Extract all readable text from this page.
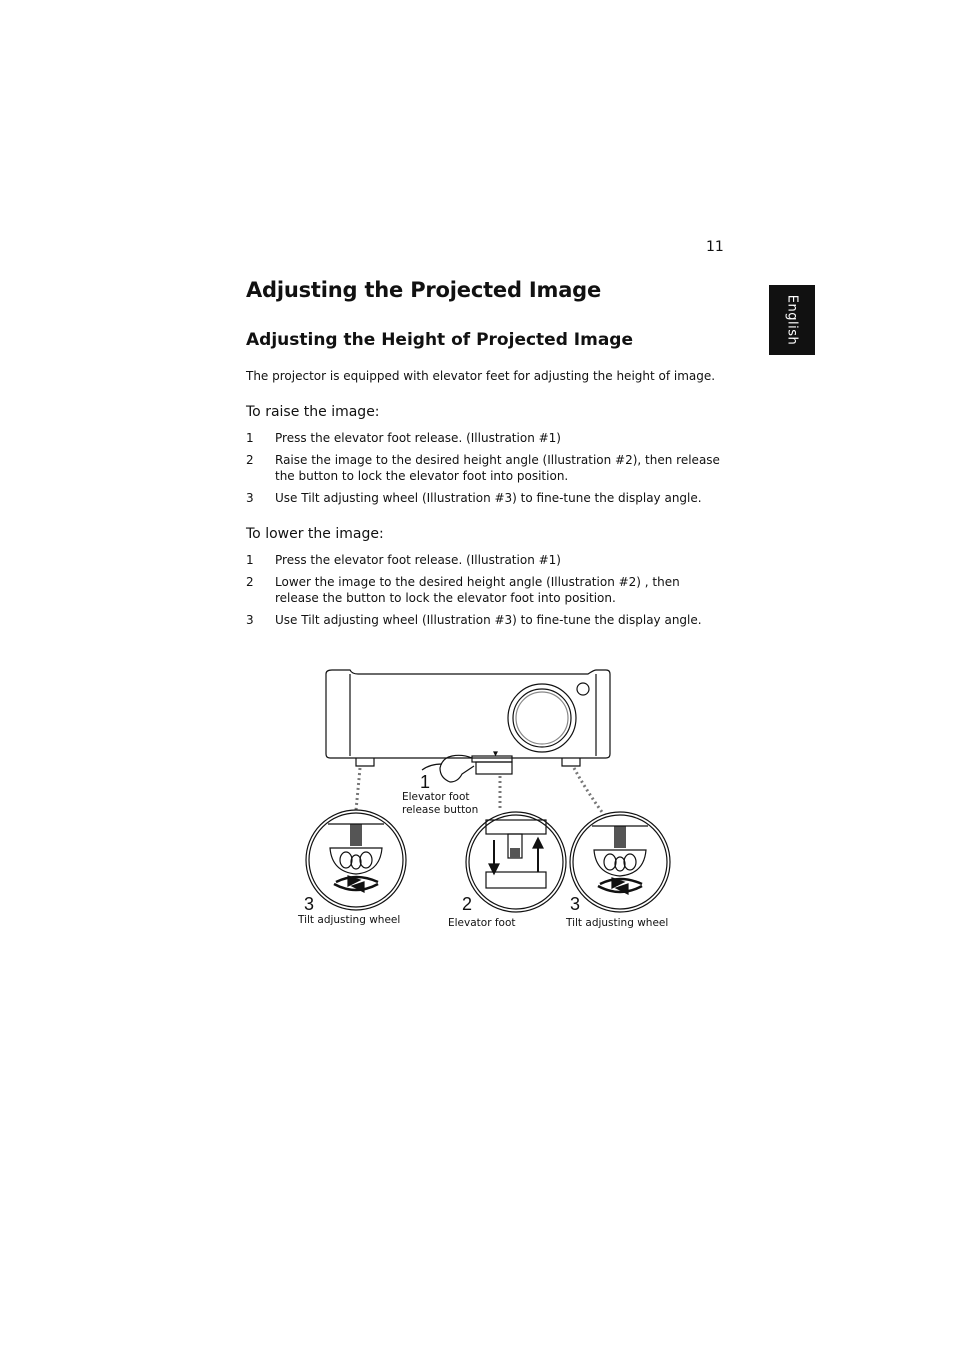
11
English
Adjusting the Projected Image
Adjusting the Height of Projected Image

The projector is equipped with elevator feet for adjusting the height of image.

To raise the image:
1 Press the elevator foot release. (Illustration #1)
2 Raise the image to the desired height angle (Illustration #2), then release the button to lock the elevator foot into position.
3 Use Tilt adjusting wheel (Illustration #3) to fine-tune the display angle.
To lower the image:
1 Press the elevator foot release. (Illustration #1)
2 Lower the image to the desired height angle (Illustration #2) , then release the button to lock the elevator foot into position.
3 Use Tilt adjusting wheel (Illustration #3) to fine-tune the display angle.
1
Elevator foot
release button
3
Tilt adjusting wheel
2
Elevator foot
3
Tilt adjusting wheel
